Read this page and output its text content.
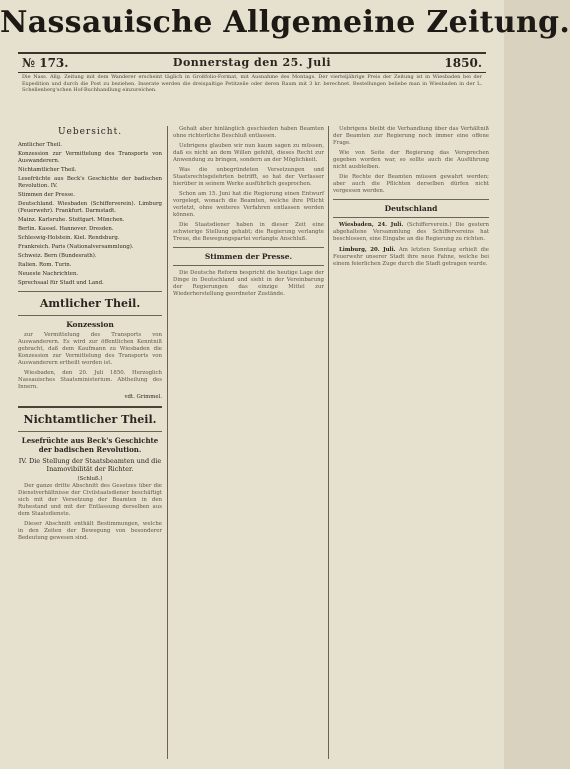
Nassauische Allgemeine Zeitung.
№ 173.	Donnerstag den 25. Juli	1850.
Die Nass. Allg. Zeitung mit dem Wanderer erscheint täglich in Großfolio-Format, mit Ausnahme des Montags. Der vierteljährige Preis der Zeitung ist in Wiesbaden bei der Expedition und durch die Post zu beziehen. Inserate werden die dreispaltige Petitzeile oder deren Raum mit 3 kr. berechnet. Bestellungen beliebe man in Wiesbaden in der L. Schellenberg'schen Hof-Buchhandlung einzureichen.
Uebersicht.

Amtlicher Theil.

Konzession zur Vermittelung des Transports von Auswanderern.

Nichtamtlicher Theil.

Lesefrüchte aus Beck's Geschichte der badischen Revolution. IV.

Stimmen der Presse.

Deutschland. Wiesbaden (Schifferverein). Limburg (Feuerwehr). Frankfurt. Darmstadt.

Mainz. Karlsruhe. Stuttgart. München.

Berlin. Kassel. Hannover. Dresden.

Schleswig-Holstein. Kiel. Rendsburg.

Frankreich. Paris (Nationalversammlung).

Schweiz. Bern (Bundesrath).

Italien. Rom. Turin.

Neueste Nachrichten.

Sprechsaal für Stadt und Land.

Amtlicher Theil.
Konzession

zur Vermittelung des Transports von Auswanderern. Es wird zur öffentlichen Kenntniß gebracht, daß dem Kaufmann zu Wiesbaden die Konzession zur Vermittelung des Transports von Auswanderern ertheilt worden ist.

Wiesbaden, den 20. Juli 1850. Herzoglich Nassauisches Staatsministerium. Abtheilung des Innern.

vdt. Grimmel.
Nichtamtlicher Theil.
Lesefrüchte aus Beck's Geschichte der badischen Revolution.
IV. Die Stellung der Staatsbeamten und die Inamovibilität der Richter.
(Schluß.)

Der ganze dritte Abschnitt des Gesetzes über die Dienstverhältnisse der Civilstaatsdiener beschäftigt sich mit der Versetzung der Beamten in den Ruhestand und mit der Entlassung derselben aus dem Staatsdienste.

Dieser Abschnitt enthält Bestimmungen, welche in den Zeiten der Bewegung von besonderer Bedeutung gewesen sind.

Gehalt aber hinlänglich geschieden haben Beamten ohne richterliche Beschluß entlassen.

Uebrigens glauben wir nun kaum sagen zu müssen, daß es nicht an dem Willen gefehlt, dieses Recht zur Anwendung zu bringen, sondern an der Möglichkeit.

Was die unbegründeten Versetzungen und Staatsrechtsgelehrten betrifft, so hat der Verfasser hierüber in seinem Werke ausführlich gesprochen.

Schon am 15. Juni hat die Regierung einen Entwurf vorgelegt, wonach die Beamten, welche ihre Pflicht verletzt, ohne weiteres Verfahren entlassen werden können.

Die Staatsdiener haben in dieser Zeit eine schwierige Stellung gehabt; die Regierung verlangte Treue, die Bewegungspartei verlangte Anschluß.

Stimmen der Presse.

Die Deutsche Reform bespricht die heutige Lage der Dinge in Deutschland und sieht in der Vereinbarung der Regierungen das einzige Mittel zur Wiederherstellung geordneter Zustände.

Uebrigens bleibt die Verhandlung über das Verhältniß der Beamten zur Regierung noch immer eine offene Frage.

Wie von Seite der Regierung das Versprechen gegeben worden war, so sollte auch die Ausführung nicht ausbleiben.

Die Rechte der Beamten müssen gewahrt werden; aber auch die Pflichten derselben dürfen nicht vergessen werden.

Deutschland

Wiesbaden, 24. Juli. (Schifferverein.) Die gestern abgehaltene Versammlung des Schiffervereins hat beschlossen, eine Eingabe an die Regierung zu richten.

Limburg, 20. Juli. Am letzten Sonntag erhielt die Feuerwehr unserer Stadt ihre neue Fahne, welche bei einem feierlichen Zuge durch die Stadt getragen wurde.
